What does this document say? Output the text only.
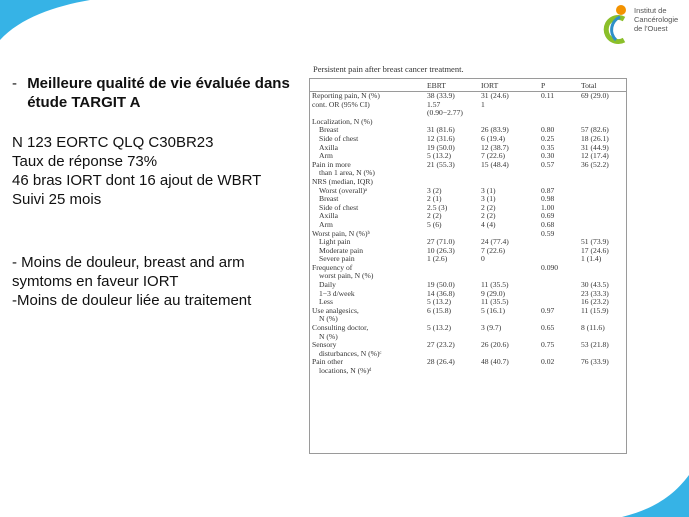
Institut de
Cancérologie
de l'Ouest
- Meilleure qualité de vie évaluée dans étude TARGIT A

N 123 EORTC QLQ C30BR23

Taux de réponse 73%

46 bras IORT dont 16 ajout de WBRT

Suivi 25 mois

- Moins de douleur, breast and arm symtoms en faveur IORT

-Moins de douleur liée au traitement

Persistent pain after breast cancer treatment.

	EBRT	IORT	P	Total
Reporting pain, N (%)	38 (33.9)	31 (24.6)	0.11	69 (29.0)
cont. OR (95% CI)	1.57	1		
	(0.90−2.77)			
Localization, N (%)				
Breast	31 (81.6)	26 (83.9)	0.80	57 (82.6)
Side of chest	12 (31.6)	6 (19.4)	0.25	18 (26.1)
Axilla	19 (50.0)	12 (38.7)	0.35	31 (44.9)
Arm	5 (13.2)	7 (22.6)	0.30	12 (17.4)
Pain in more	21 (55.3)	15 (48.4)	0.57	36 (52.2)
than 1 area, N (%)				
NRS (median, IQR)				
Worst (overall)ᵃ	3 (2)	3 (1)	0.87	
Breast	2 (1)	3 (1)	0.98	
Side of chest	2.5 (3)	2 (2)	1.00	
Axilla	2 (2)	2 (2)	0.69	
Arm	5 (6)	4 (4)	0.68	
Worst pain, N (%)ᵇ			0.59	
Light pain	27 (71.0)	24 (77.4)		51 (73.9)
Moderate pain	10 (26.3)	7 (22.6)		17 (24.6)
Severe pain	1 (2.6)	0		1 (1.4)
Frequency of			0.090	
worst pain, N (%)				
Daily	19 (50.0)	11 (35.5)		30 (43.5)
1−3 d/week	14 (36.8)	9 (29.0)		23 (33.3)
Less	5 (13.2)	11 (35.5)		16 (23.2)
Use analgesics,	6 (15.8)	5 (16.1)	0.97	11 (15.9)
N (%)				
Consulting doctor,	5 (13.2)	3 (9.7)	0.65	8 (11.6)
N (%)				
Sensory	27 (23.2)	26 (20.6)	0.75	53 (21.8)
disturbances, N (%)ᶜ				
Pain other	28 (26.4)	48 (40.7)	0.02	76 (33.9)
locations, N (%)ᵈ				
